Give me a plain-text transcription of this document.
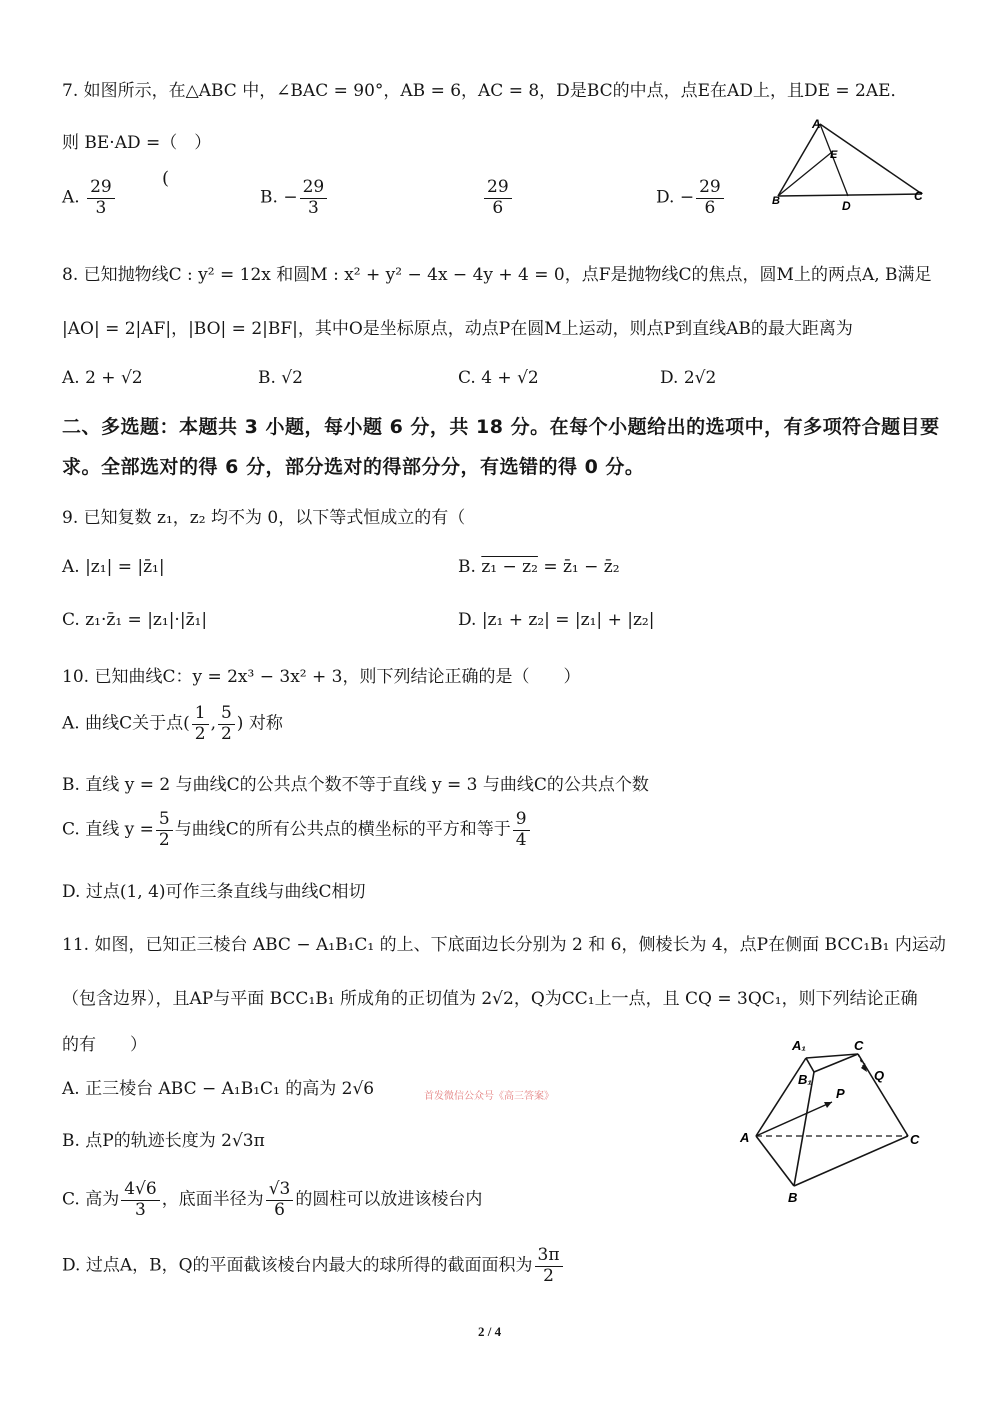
7. 如图所示，在△ABC 中，∠BAC = 90°，AB = 6，AC = 8，D是BC的中点，点E在AD上，且DE = 2AE．
则 BE·AD =（　）
(
A. $\frac{29}{3}$	B. − $\frac{29}{3}$	$\frac{29}{6}$	D. − $\frac{29}{6}$
A
E
B	D
C
8. 已知抛物线C : y² = 12x 和圆M : x² + y² − 4x − 4y + 4 = 0，点F是抛物线C的焦点，圆M上的两点A, B满足
|AO| = 2|AF|，|BO| = 2|BF|，其中O是坐标原点，动点P在圆M上运动，则点P到直线AB的最大距离为
A. 2 + √2	B. √2	C. 4 + √2	D. 2√2
二、多选题：本题共 3 小题，每小题 6 分，共 18 分。在每个小题给出的选项中，有多项符合题目要
求。全部选对的得 6 分，部分选对的得部分分，有选错的得 0 分。
9. 已知复数 z₁，z₂ 均不为 0，以下等式恒成立的有（
A. |z₁| = |z̄₁|	B. z₁ − z₂ = z̄₁ − z̄₂
C. z₁·z̄₁ = |z₁|·|z̄₁|	D. |z₁ + z₂| = |z₁| + |z₂|
10. 已知曲线C：y = 2x³ − 3x² + 3，则下列结论正确的是（　　）
A. 曲线C关于点( $\frac{1}{2}$ , $\frac{5}{2}$ ) 对称
B. 直线 y = 2 与曲线C的公共点个数不等于直线 y = 3 与曲线C的公共点个数
C. 直线 $y = \frac{5}{2}$ 与曲线C的所有公共点的横坐标的平方和等于 $\frac{9}{4}$
D. 过点(1, 4)可作三条直线与曲线C相切
11. 如图，已知正三棱台 ABC − A₁B₁C₁ 的上、下底面边长分别为 2 和 6，侧棱长为 4，点P在侧面 BCC₁B₁ 内运动
（包含边界），且AP与平面 BCC₁B₁ 所成角的正切值为 2√2，Q为CC₁上一点，且 CQ = 3QC₁，则下列结论正确
的有　　）
A. 正三棱台 ABC − A₁B₁C₁ 的高为 2√6
B. 点P的轨迹长度为 2√3π
C. 高为 $\frac{4√6}{3}$ ，底面半径为 $\frac{√3}{6}$ 的圆柱可以放进该棱台内
D. 过点A，B，Q的平面截该棱台内最大的球所得的截面面积为 $\frac{3\pi}{2}$
首发微信公众号《高三答案》
A₁	C
B₁	Q
P
A	C
B
2 / 4
